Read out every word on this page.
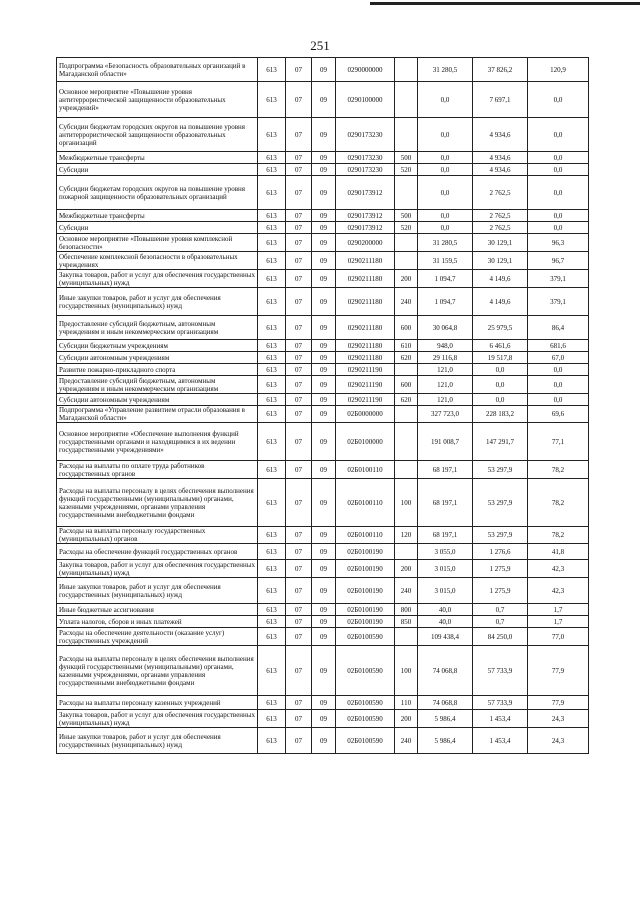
251
Подпрограмма «Безопасность образовательных организаций в Магаданской области»	613	07	09	0290000000		31 280,5	37 826,2	120,9
Основное мероприятие «Повышение уровня антитеррористической защищенности образовательных учреждений»	613	07	09	0290100000		0,0	7 697,1	0,0
Субсидии бюджетам городских округов на повышение уровня антитеррористической защищенности образовательных организаций	613	07	09	0290173230		0,0	4 934,6	0,0
Межбюджетные трансферты	613	07	09	0290173230	500	0,0	4 934,6	0,0
Субсидии	613	07	09	0290173230	520	0,0	4 934,6	0,0
Субсидии бюджетам городских округов на повышение уровня пожарной защищенности образовательных организаций	613	07	09	0290173912		0,0	2 762,5	0,0
Межбюджетные трансферты	613	07	09	0290173912	500	0,0	2 762,5	0,0
Субсидии	613	07	09	0290173912	520	0,0	2 762,5	0,0
Основное мероприятие «Повышение уровня комплексной безопасности»	613	07	09	0290200000		31 280,5	30 129,1	96,3
Обеспечение комплексной безопасности в образовательных учреждениях	613	07	09	0290211180		31 159,5	30 129,1	96,7
Закупка товаров, работ и услуг для обеспечения государственных (муниципальных) нужд	613	07	09	0290211180	200	1 094,7	4 149,6	379,1
Иные закупки товаров, работ и услуг для обеспечения государственных (муниципальных) нужд	613	07	09	0290211180	240	1 094,7	4 149,6	379,1
Предоставление субсидий бюджетным, автономным учреждениям и иным некоммерческим организациям	613	07	09	0290211180	600	30 064,8	25 979,5	86,4
Субсидии бюджетным учреждениям	613	07	09	0290211180	610	948,0	6 461,6	681,6
Субсидии автономным учреждениям	613	07	09	0290211180	620	29 116,8	19 517,8	67,0
Развитие пожарно-прикладного спорта	613	07	09	0290211190		121,0	0,0	0,0
Предоставление субсидий бюджетным, автономным учреждениям и иным некоммерческим организациям	613	07	09	0290211190	600	121,0	0,0	0,0
Субсидии автономным учреждениям	613	07	09	0290211190	620	121,0	0,0	0,0
Подпрограмма «Управление развитием отрасли образования в Магаданской области»	613	07	09	02Б0000000		327 723,0	228 183,2	69,6
Основное мероприятие «Обеспечение выполнения функций государственными органами и находящимися в их ведении государственными учреждениями»	613	07	09	02Б0100000		191 008,7	147 291,7	77,1
Расходы на выплаты по оплате труда работников государственных органов	613	07	09	02Б0100110		68 197,1	53 297,9	78,2
Расходы на выплаты персоналу в целях обеспечения выполнения функций государственными (муниципальными) органами, казенными учреждениями, органами управления государственными внебюджетными фондами	613	07	09	02Б0100110	100	68 197,1	53 297,9	78,2
Расходы на выплаты персоналу государственных (муниципальных) органов	613	07	09	02Б0100110	120	68 197,1	53 297,9	78,2
Расходы на обеспечение функций государственных органов	613	07	09	02Б0100190		3 055,0	1 276,6	41,8
Закупка товаров, работ и услуг для обеспечения государственных (муниципальных) нужд	613	07	09	02Б0100190	200	3 015,0	1 275,9	42,3
Иные закупки товаров, работ и услуг для обеспечения государственных (муниципальных) нужд	613	07	09	02Б0100190	240	3 015,0	1 275,9	42,3
Иные бюджетные ассигнования	613	07	09	02Б0100190	800	40,0	0,7	1,7
Уплата налогов, сборов и иных платежей	613	07	09	02Б0100190	850	40,0	0,7	1,7
Расходы на обеспечение деятельности (оказание услуг) государственных учреждений	613	07	09	02Б0100590		109 438,4	84 250,0	77,0
Расходы на выплаты персоналу в целях обеспечения выполнения функций государственными (муниципальными) органами, казенными учреждениями, органами управления государственными внебюджетными фондами	613	07	09	02Б0100590	100	74 068,8	57 733,9	77,9
Расходы на выплаты персоналу казенных учреждений	613	07	09	02Б0100590	110	74 068,8	57 733,9	77,9
Закупка товаров, работ и услуг для обеспечения государственных (муниципальных) нужд	613	07	09	02Б0100590	200	5 986,4	1 453,4	24,3
Иные закупки товаров, работ и услуг для обеспечения государственных (муниципальных) нужд	613	07	09	02Б0100590	240	5 986,4	1 453,4	24,3
